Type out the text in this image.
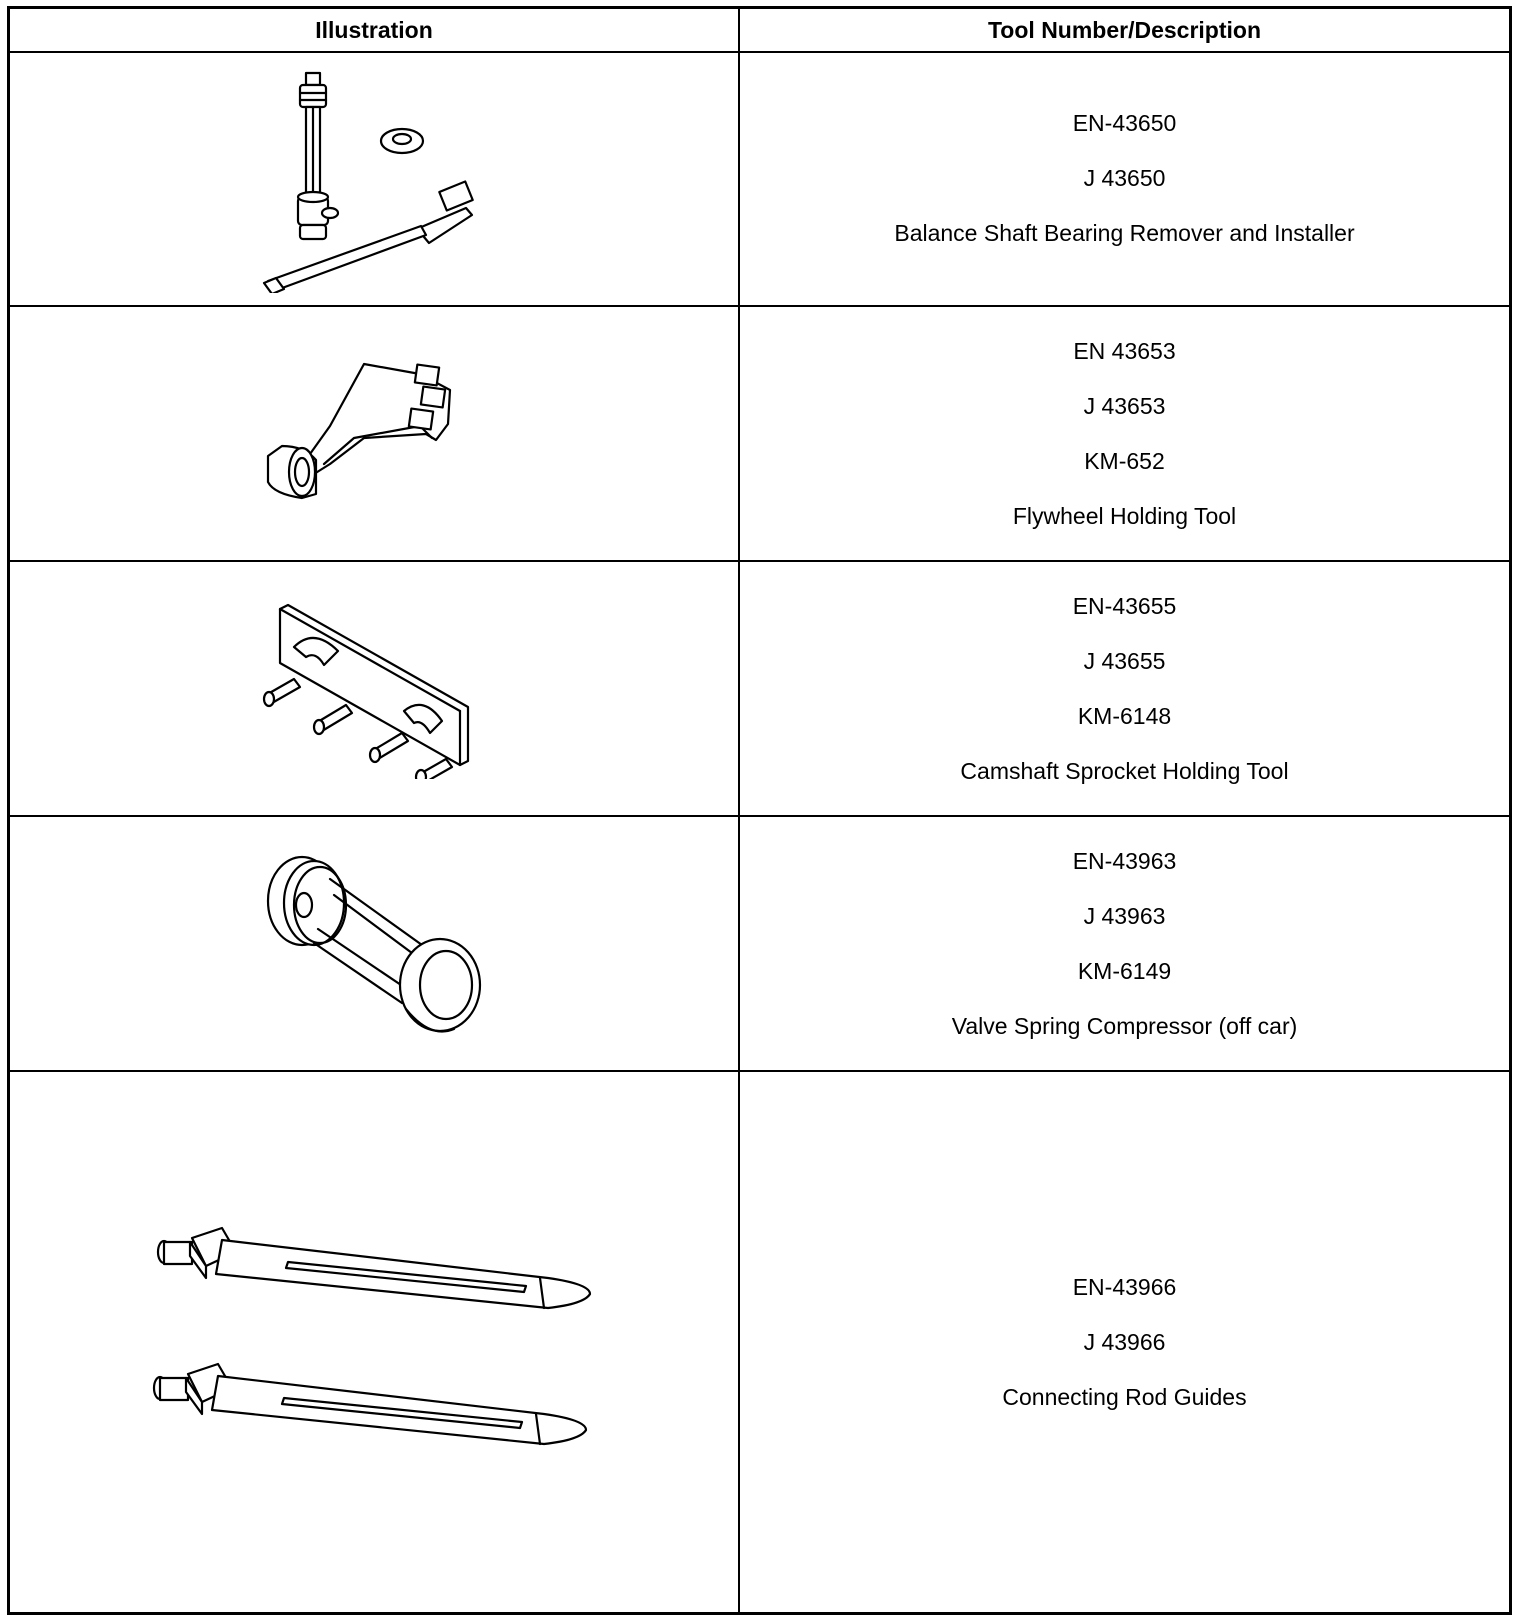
Illustration	Tool Number/Description
EN-43650
J 43650
Balance Shaft Bearing Remover and Installer
EN 43653
J 43653
KM-652
Flywheel Holding Tool
EN-43655
J 43655
KM-6148
Camshaft Sprocket Holding Tool
EN-43963
J 43963
KM-6149
Valve Spring Compressor (off car)
EN-43966
J 43966
Connecting Rod Guides
